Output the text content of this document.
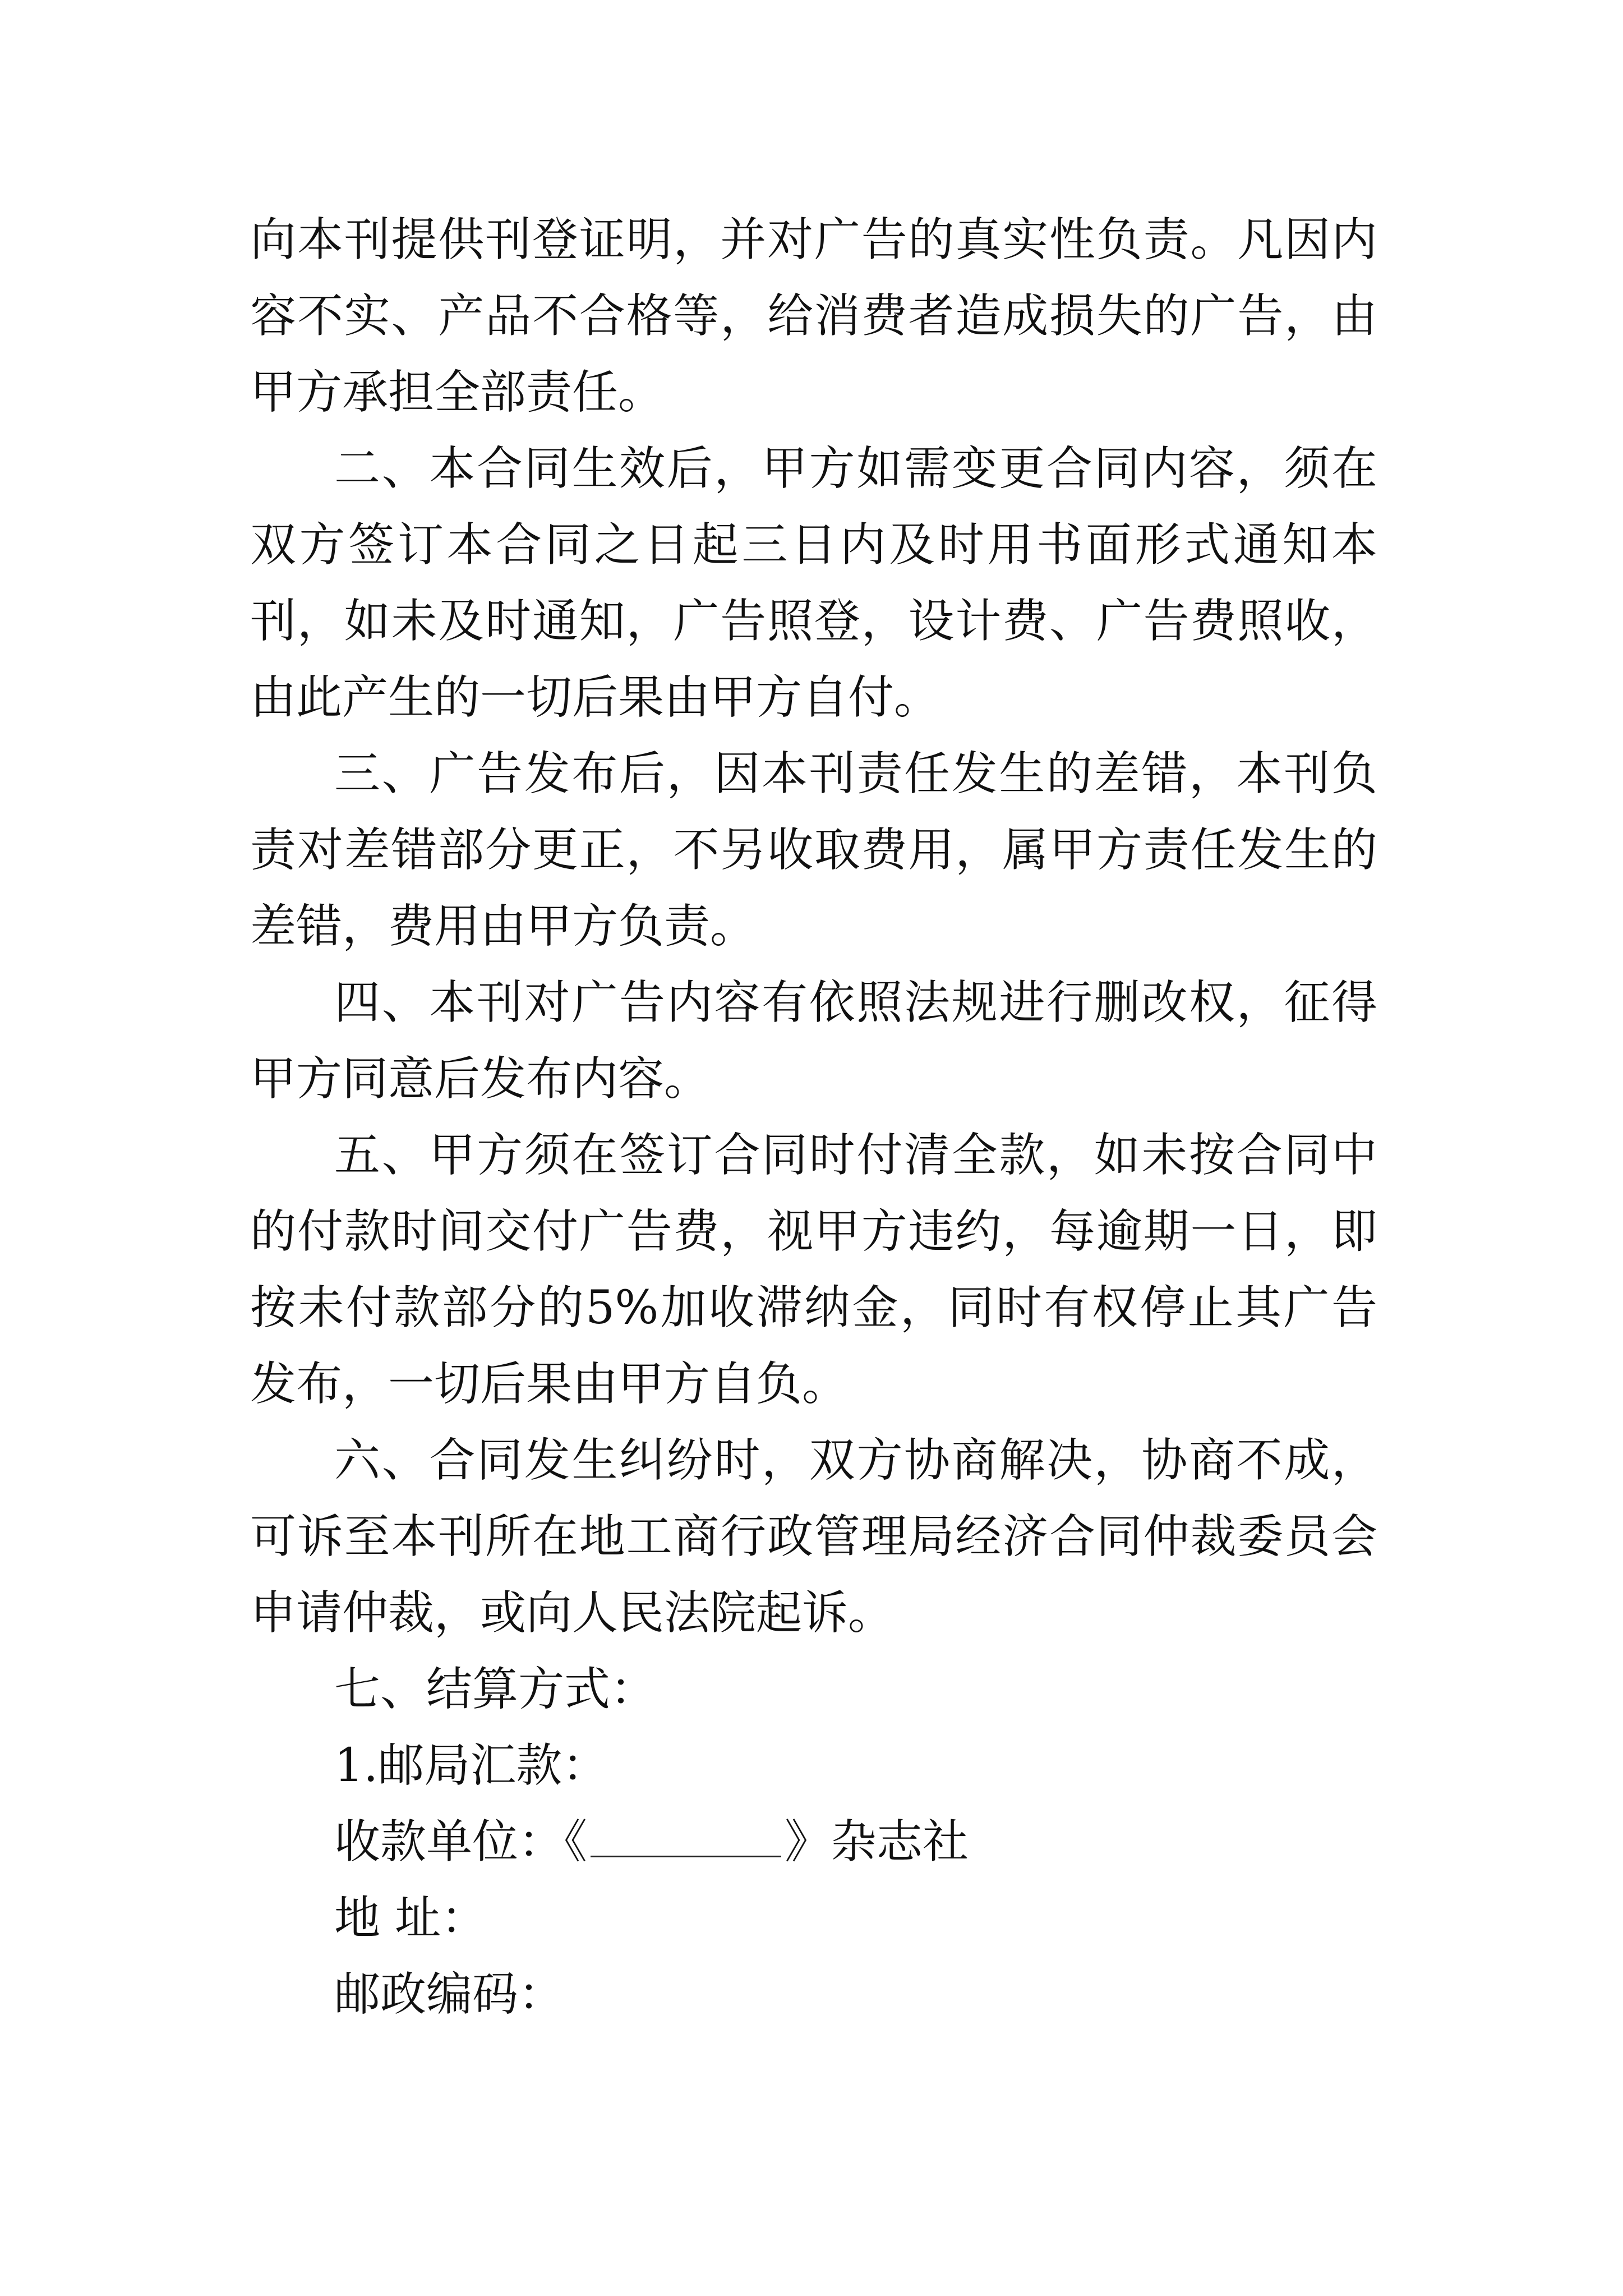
向本刊提供刊登证明，并对广告的真实性负责。凡因内容不实、产品不合格等，给消费者造成损失的广告，由甲方承担全部责任。

二、本合同生效后，甲方如需变更合同内容，须在双方签订本合同之日起三日内及时用书面形式通知本刊，如未及时通知，广告照登，设计费、广告费照收，由此产生的一切后果由甲方自付。

三、广告发布后，因本刊责任发生的差错，本刊负责对差错部分更正，不另收取费用，属甲方责任发生的差错，费用由甲方负责。

四、本刊对广告内容有依照法规进行删改权，征得甲方同意后发布内容。

五、甲方须在签订合同时付清全款，如未按合同中的付款时间交付广告费，视甲方违约，每逾期一日，即按未付款部分的5%加收滞纳金，同时有权停止其广告发布，一切后果由甲方自负。

六、合同发生纠纷时，双方协商解决，协商不成，可诉至本刊所在地工商行政管理局经济合同仲裁委员会申请仲裁，或向人民法院起诉。

七、结算方式：

1.邮局汇款：

收款单位：《	》杂志社

地 址：

邮政编码：
